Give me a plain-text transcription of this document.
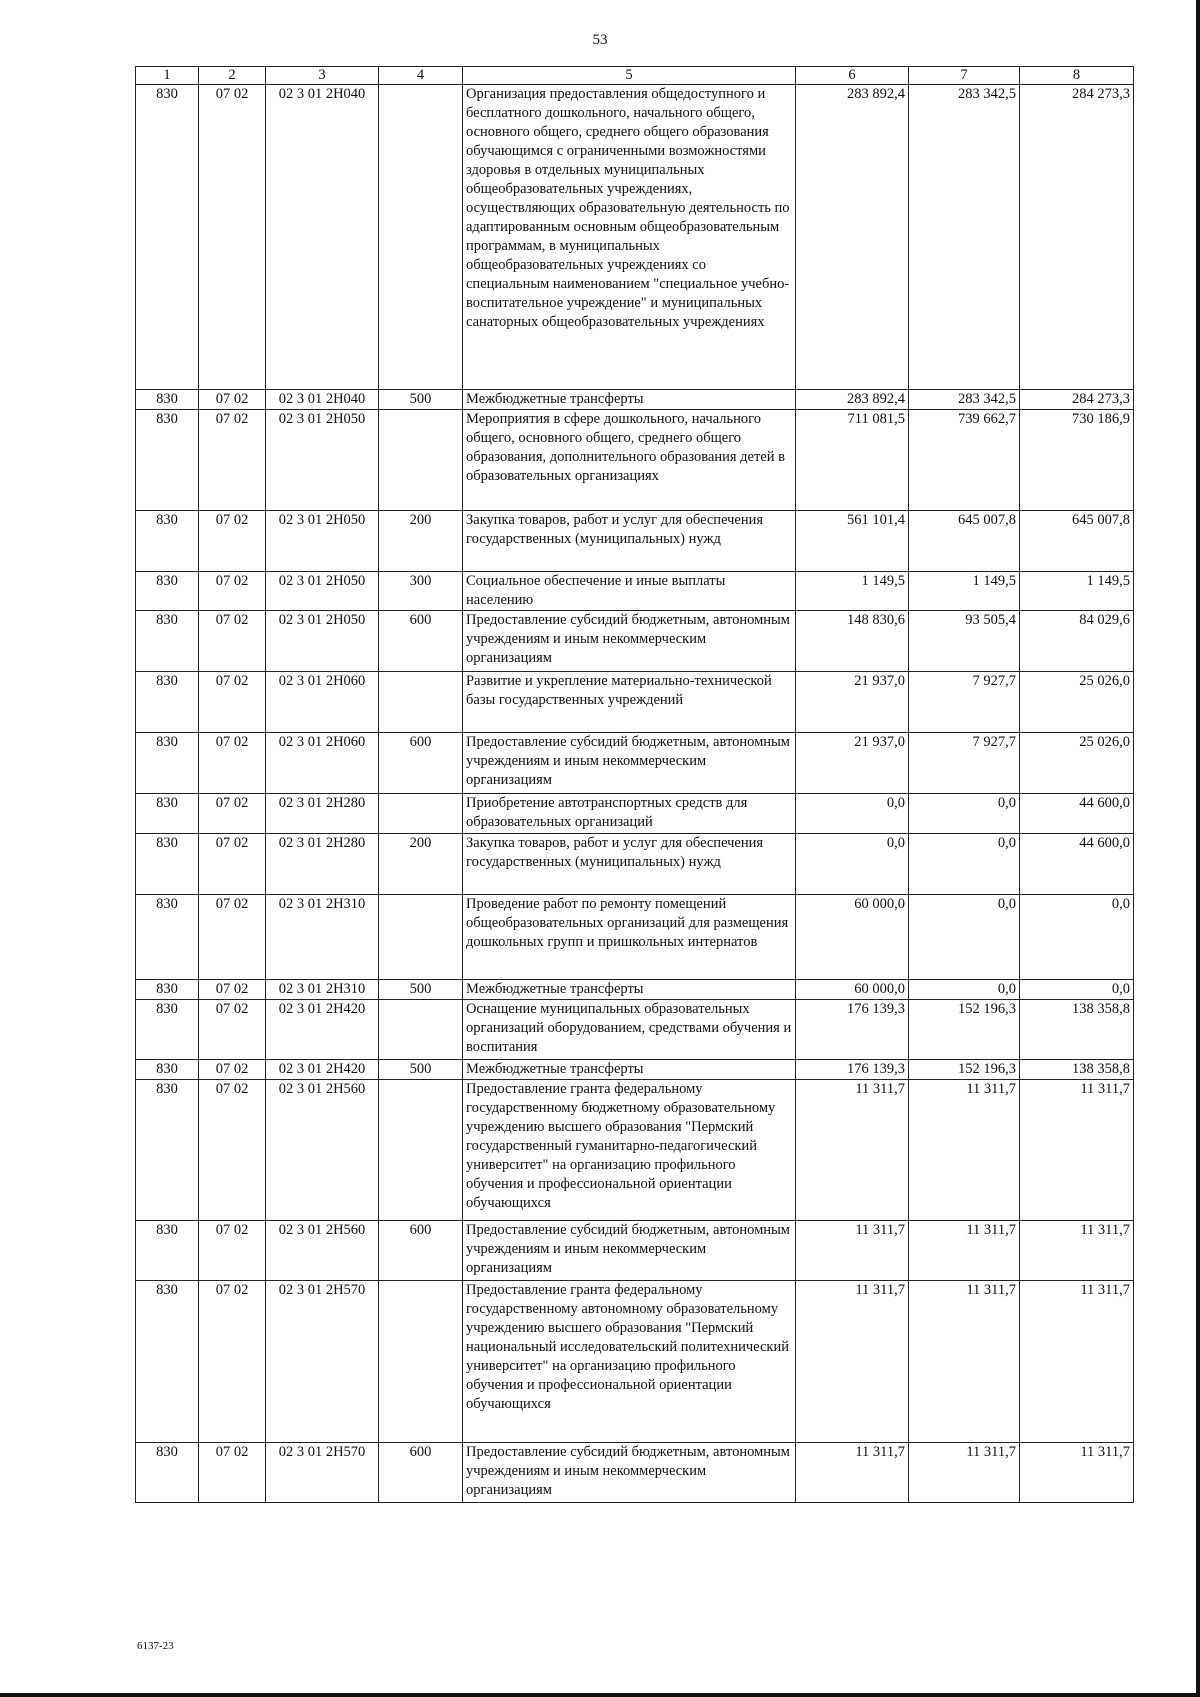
53
1	2	3	4	5	6	7	8
830	07 02	02 3 01 2Н040		Организация предоставления общедоступного и бесплатного дошкольного, начального общего, основного общего, среднего общего образования обучающимся с ограниченными возможностями здоровья в отдельных муниципальных общеобразовательных учреждениях, осуществляющих образовательную деятельность по адаптированным основным общеобразовательным программам, в муниципальных общеобразовательных учреждениях со специальным наименованием "специальное учебно-воспитательное учреждение" и муниципальных санаторных общеобразовательных учреждениях	283 892,4	283 342,5	284 273,3
830	07 02	02 3 01 2Н040	500	Межбюджетные трансферты	283 892,4	283 342,5	284 273,3
830	07 02	02 3 01 2Н050		Мероприятия в сфере дошкольного, начального общего, основного общего, среднего общего образования, дополнительного образования детей в образовательных организациях	711 081,5	739 662,7	730 186,9
830	07 02	02 3 01 2Н050	200	Закупка товаров, работ и услуг для обеспечения государственных (муниципальных) нужд	561 101,4	645 007,8	645 007,8
830	07 02	02 3 01 2Н050	300	Социальное обеспечение и иные выплаты населению	1 149,5	1 149,5	1 149,5
830	07 02	02 3 01 2Н050	600	Предоставление субсидий бюджетным, автономным учреждениям и иным некоммерческим организациям	148 830,6	93 505,4	84 029,6
830	07 02	02 3 01 2Н060		Развитие и укрепление материально-технической базы государственных учреждений	21 937,0	7 927,7	25 026,0
830	07 02	02 3 01 2Н060	600	Предоставление субсидий бюджетным, автономным учреждениям и иным некоммерческим организациям	21 937,0	7 927,7	25 026,0
830	07 02	02 3 01 2Н280		Приобретение автотранспортных средств для образовательных организаций	0,0	0,0	44 600,0
830	07 02	02 3 01 2Н280	200	Закупка товаров, работ и услуг для обеспечения государственных (муниципальных) нужд	0,0	0,0	44 600,0
830	07 02	02 3 01 2Н310		Проведение работ по ремонту помещений общеобразовательных организаций для размещения дошкольных групп и пришкольных интернатов	60 000,0	0,0	0,0
830	07 02	02 3 01 2Н310	500	Межбюджетные трансферты	60 000,0	0,0	0,0
830	07 02	02 3 01 2Н420		Оснащение муниципальных образовательных организаций оборудованием, средствами обучения и воспитания	176 139,3	152 196,3	138 358,8
830	07 02	02 3 01 2Н420	500	Межбюджетные трансферты	176 139,3	152 196,3	138 358,8
830	07 02	02 3 01 2Н560		Предоставление гранта федеральному государственному бюджетному образовательному учреждению высшего образования "Пермский государственный гуманитарно-педагогический университет" на организацию профильного обучения и профессиональной ориентации обучающихся	11 311,7	11 311,7	11 311,7
830	07 02	02 3 01 2Н560	600	Предоставление субсидий бюджетным, автономным учреждениям и иным некоммерческим организациям	11 311,7	11 311,7	11 311,7
830	07 02	02 3 01 2Н570		Предоставление гранта федеральному государственному автономному образовательному учреждению высшего образования "Пермский национальный исследовательский политехнический университет" на организацию профильного обучения и профессиональной ориентации обучающихся	11 311,7	11 311,7	11 311,7
830	07 02	02 3 01 2Н570	600	Предоставление субсидий бюджетным, автономным учреждениям и иным некоммерческим организациям	11 311,7	11 311,7	11 311,7
6137-23
